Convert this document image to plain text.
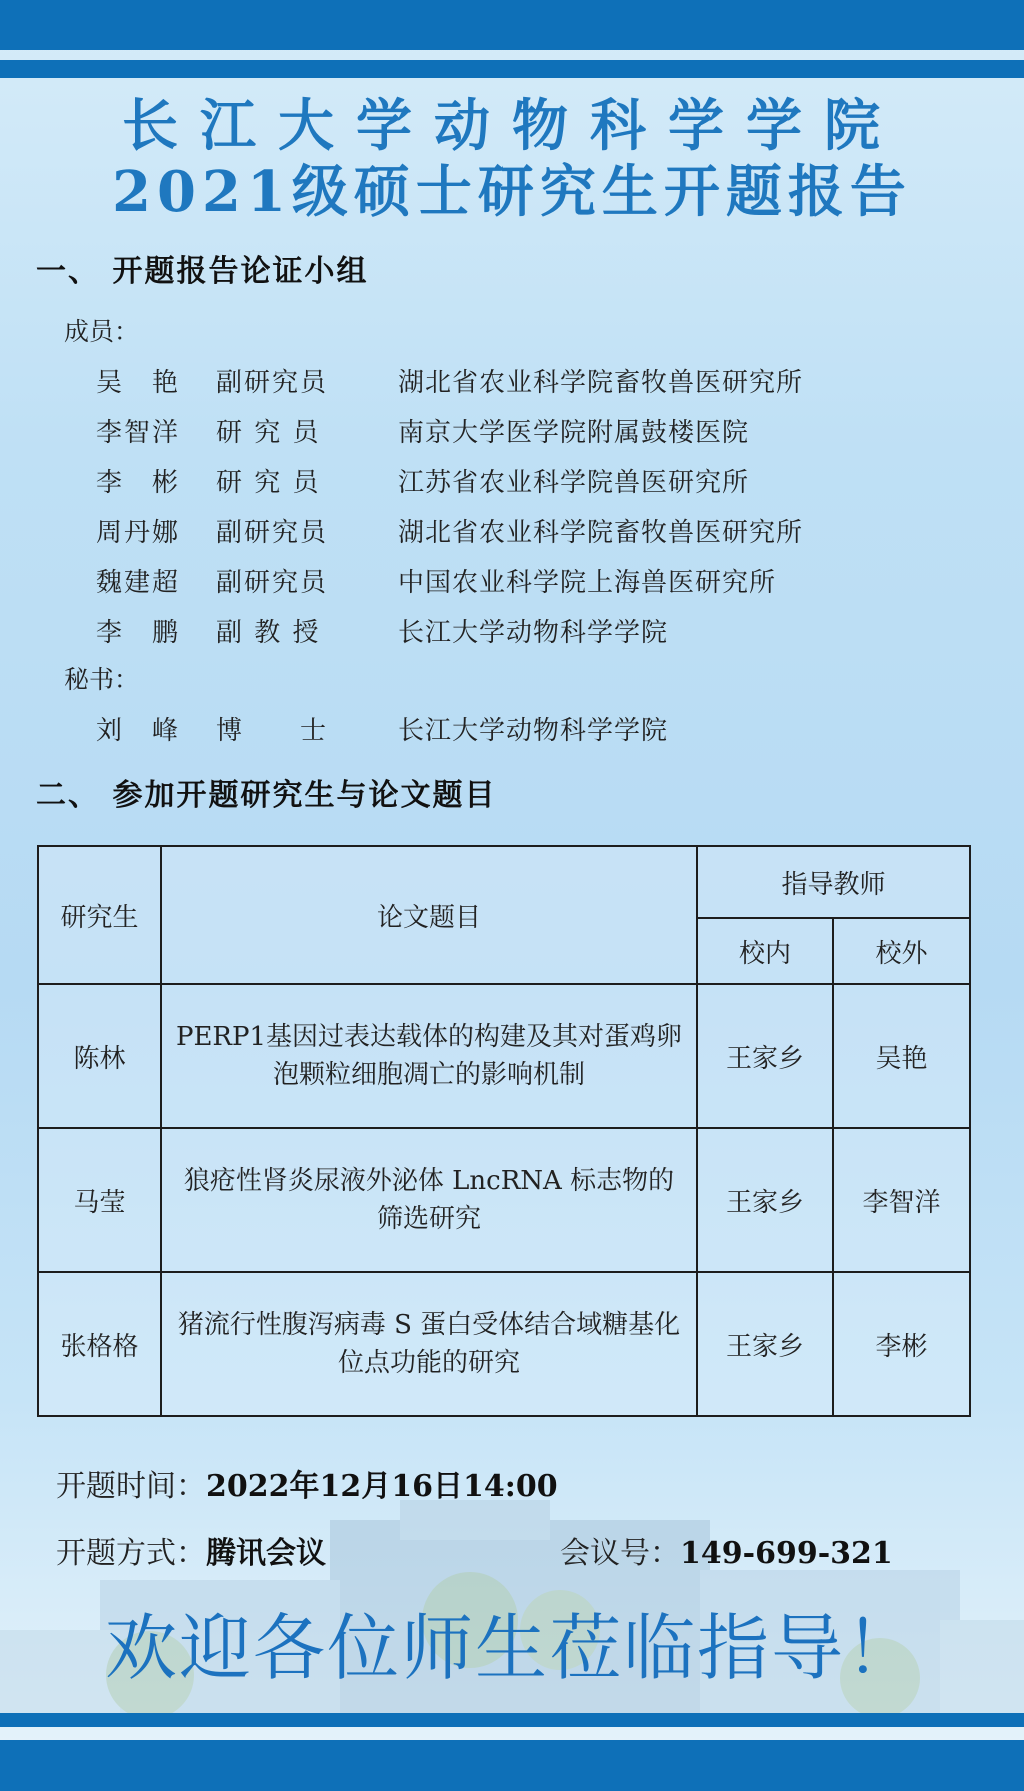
长江大学动物科学学院
2021级硕士研究生开题报告
一、 开题报告论证小组
成员：
吴　艳 副研究员	湖北省农业科学院畜牧兽医研究所
李智洋 研 究 员	南京大学医学院附属鼓楼医院
李　彬 研 究 员	江苏省农业科学院兽医研究所
周丹娜 副研究员	湖北省农业科学院畜牧兽医研究所
魏建超 副研究员	中国农业科学院上海兽医研究所
李　鹏 副 教 授	长江大学动物科学学院
秘书：
刘　峰 博　　士	长江大学动物科学学院
二、 参加开题研究生与论文题目
研究生	论文题目	指导教师	
		校内	校外
陈林	PERP1基因过表达载体的构建及其对蛋鸡卵泡颗粒细胞凋亡的影响机制	王家乡	吴艳
马莹	狼疮性肾炎尿液外泌体 LncRNA 标志物的筛选研究	王家乡	李智洋
张格格	猪流行性腹泻病毒 S 蛋白受体结合域糖基化位点功能的研究	王家乡	李彬
开题时间：2022年12月16日14:00
开题方式：腾讯会议	会议号：149-699-321
欢迎各位师生莅临指导！
